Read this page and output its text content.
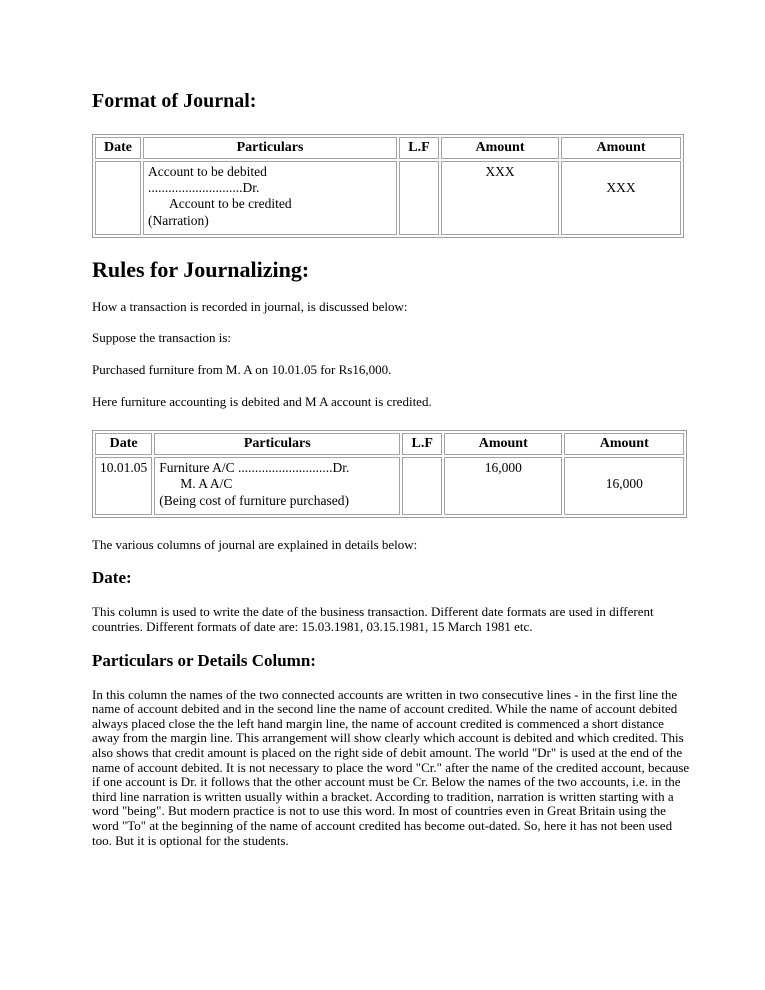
Format of Journal:
Date	Particulars	L.F	Amount	Amount

	Account to be debited
............................Dr.
Account to be credited
(Narration)		XXX	XXX
Rules for Journalizing:

How a transaction is recorded in journal, is discussed below:

Suppose the transaction is:

Purchased furniture from M. A on 10.01.05 for Rs16,000.

Here furniture accounting is debited and M A account is credited.

Date	Particulars	L.F	Amount	Amount
10.01.05	Furniture A/C ............................Dr.
M. A A/C
(Being cost of furniture purchased)		16,000	16,000

The various columns of journal are explained in details below:

Date:

This column is used to write the date of the business transaction. Different date formats are used in different countries. Different formats of date are: 15.03.1981, 03.15.1981, 15 March 1981 etc.

Particulars or Details Column:

In this column the names of the two connected accounts are written in two consecutive lines - in the first line the name of account debited and in the second line the name of account credited. While the name of account debited always placed close the the left hand margin line, the name of account credited is commenced a short distance away from the margin line. This arrangement will show clearly which account is debited and which credited. This also shows that credit amount is placed on the right side of debit amount. The world "Dr" is used at the end of the name of account debited. It is not necessary to place the word "Cr." after the name of the credited account, because if one account is Dr. it follows that the other account must be Cr. Below the names of the two accounts, i.e. in the third line narration is written usually within a bracket. According to tradition, narration is written starting with a word "being". But modern practice is not to use this word. In most of countries even in Great Britain using the word "To" at the beginning of the name of account credited has become out-dated. So, here it has not been used too. But it is optional for the students.
